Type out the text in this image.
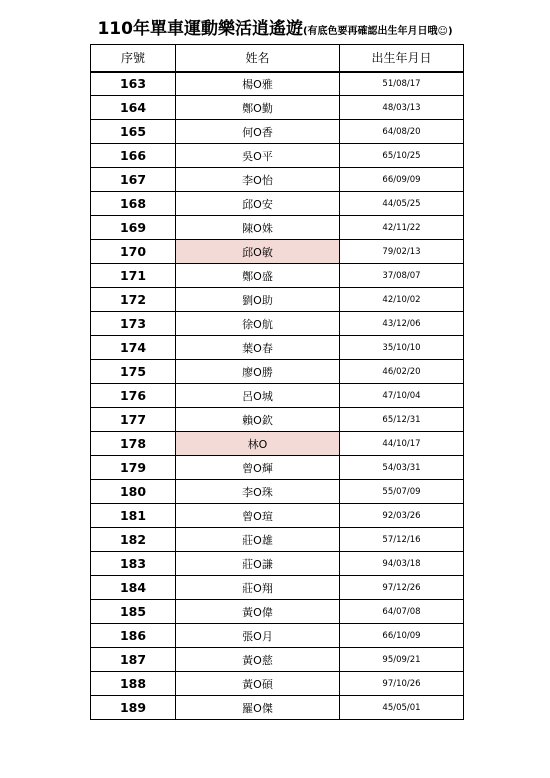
110年單車運動樂活逍遙遊(有底色要再確認出生年月日哦☺)
序號	姓名	出生年月日
163	楊O雅	51/08/17
164	鄭O勤	48/03/13
165	何O香	64/08/20
166	吳O平	65/10/25
167	李O怡	66/09/09
168	邱O安	44/05/25
169	陳O姝	42/11/22
170	邱O敏	79/02/13
171	鄭O盛	37/08/07
172	劉O助	42/10/02
173	徐O航	43/12/06
174	葉O春	35/10/10
175	廖O勝	46/02/20
176	呂O城	47/10/04
177	賴O欽	65/12/31
178	林O	44/10/17
179	曾O輝	54/03/31
180	李O珠	55/07/09
181	曾O瑄	92/03/26
182	莊O雄	57/12/16
183	莊O謙	94/03/18
184	莊O翔	97/12/26
185	黃O偉	64/07/08
186	張O月	66/10/09
187	黃O慈	95/09/21
188	黃O碩	97/10/26
189	羅O傑	45/05/01
